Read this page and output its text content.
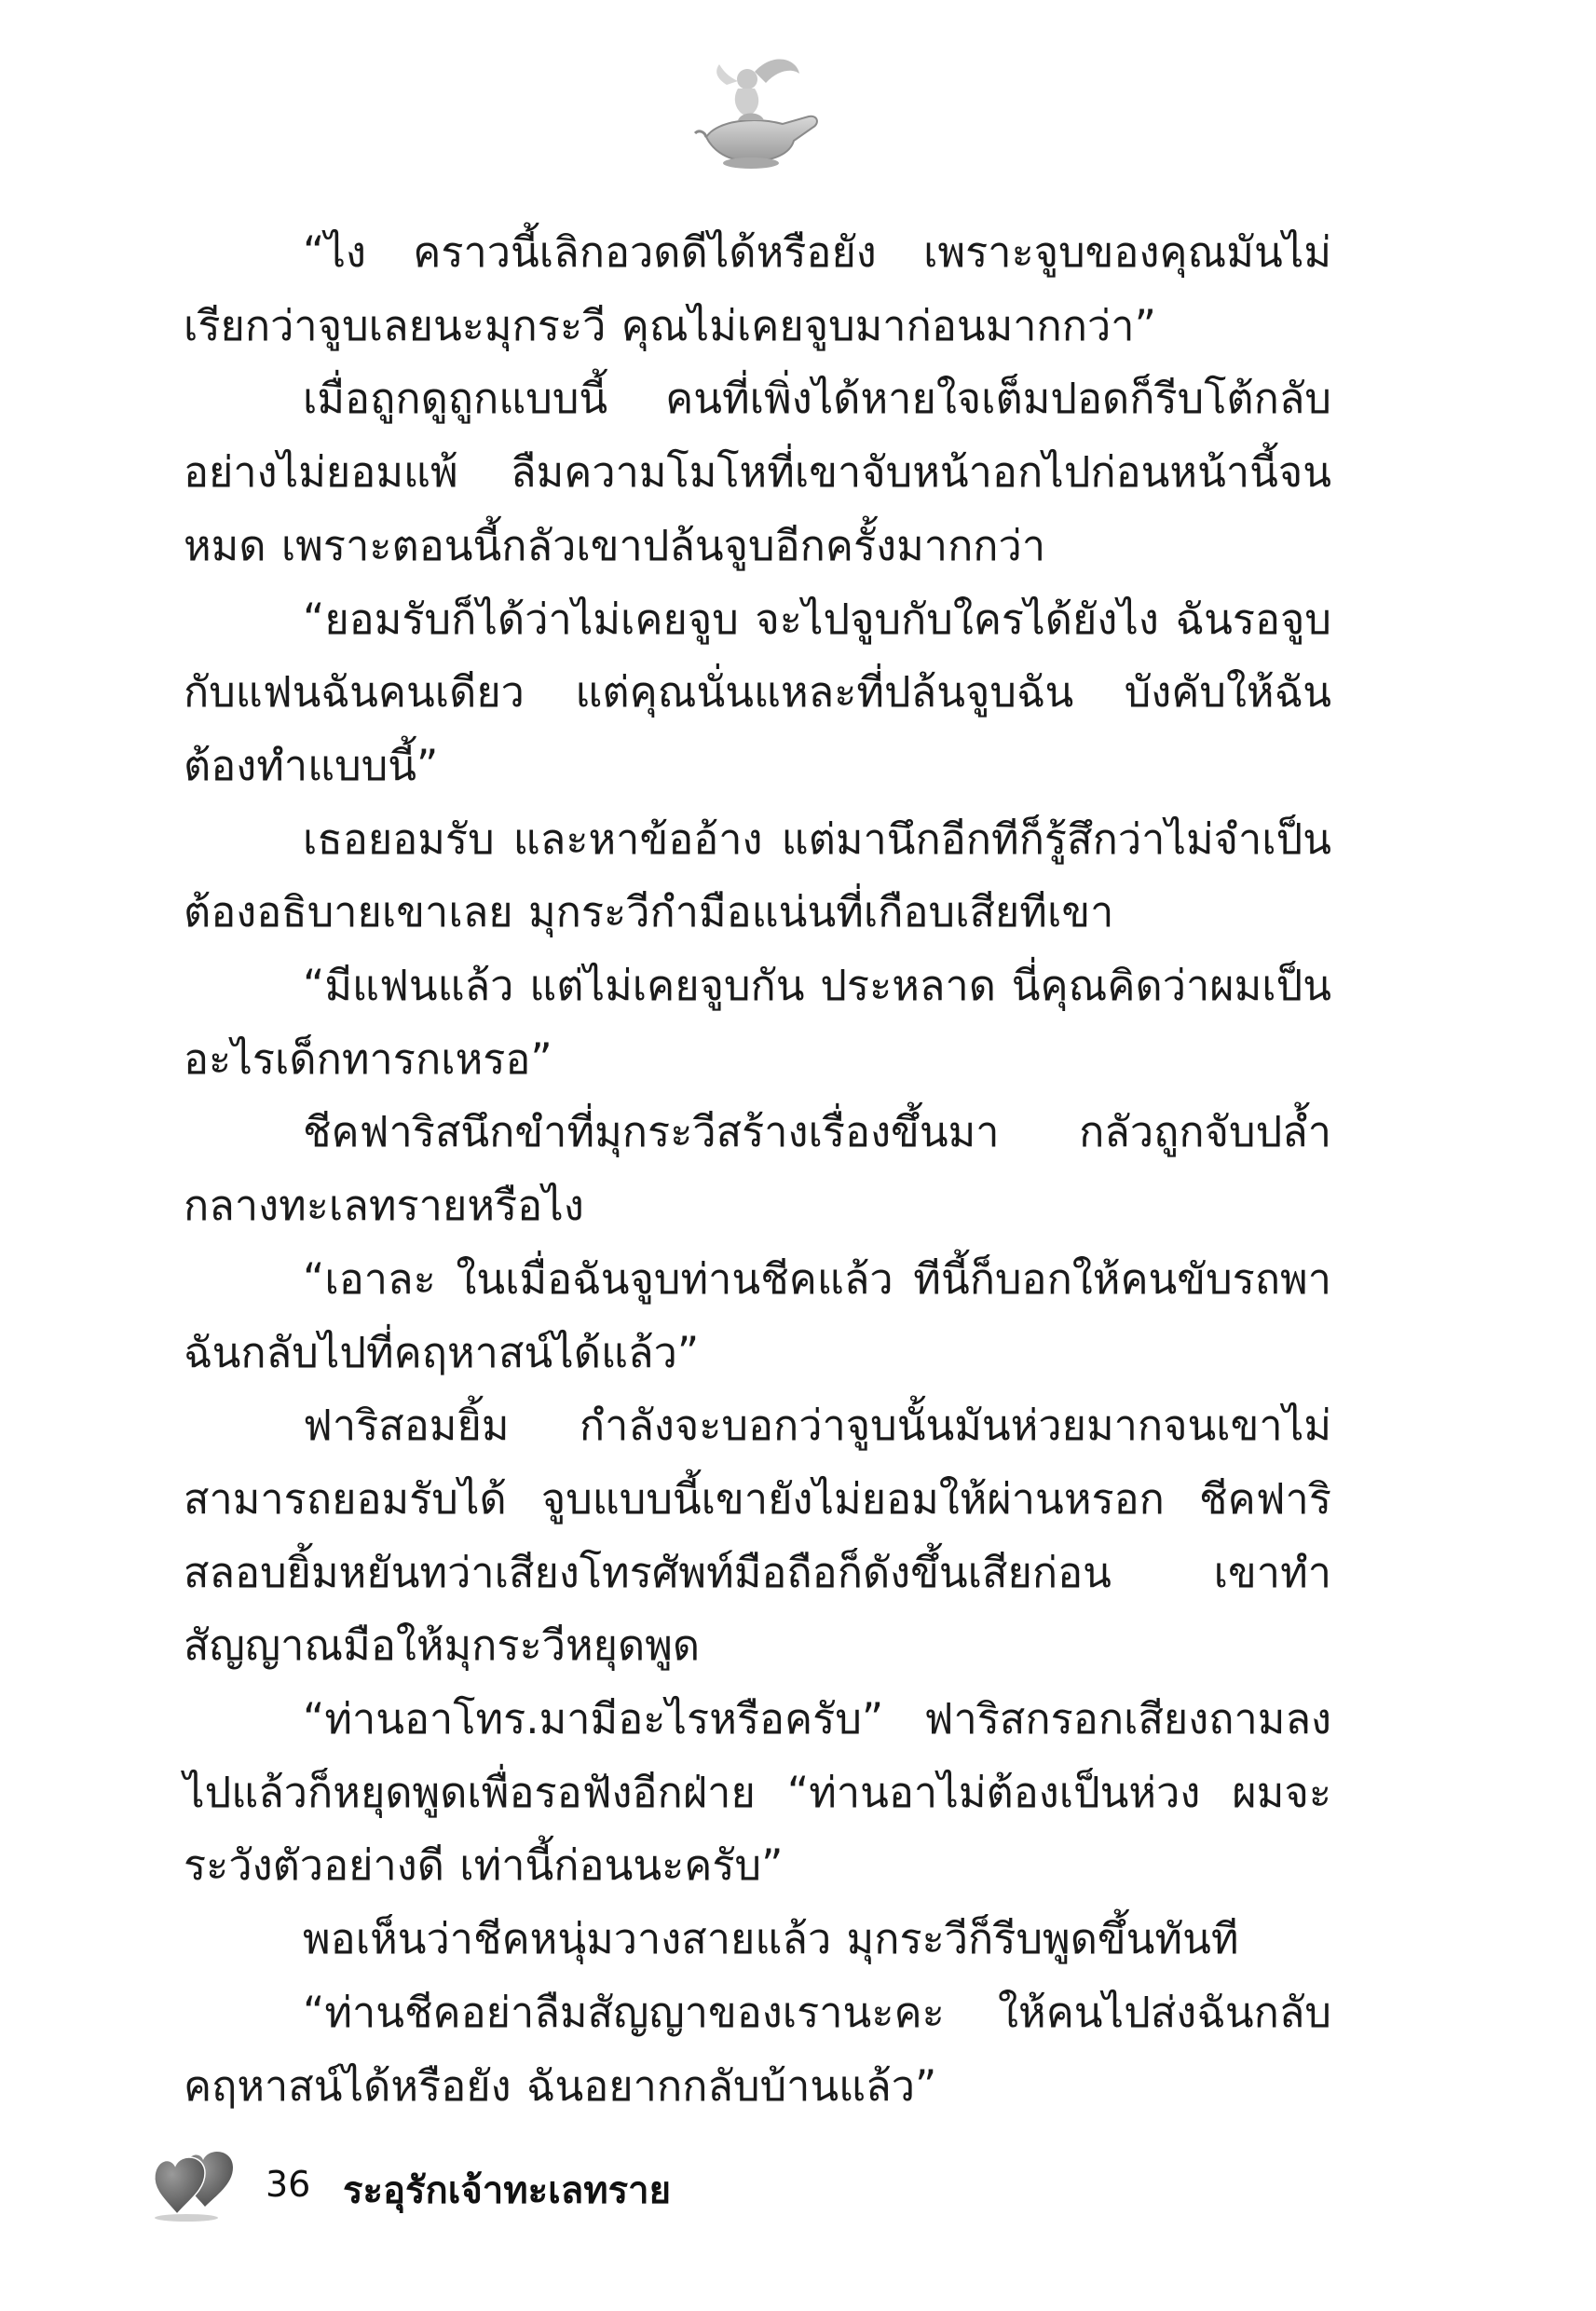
“ไง คราวนี้เลิกอวดดีได้หรือยัง เพราะจูบของคุณมันไม่เรียกว่าจูบเลยนะมุกระวี คุณไม่เคยจูบมาก่อนมากกว่า”

เมื่อถูกดูถูกแบบนี้ คนที่เพิ่งได้หายใจเต็มปอดก็รีบโต้กลับอย่างไม่ยอมแพ้ ลืมความโมโหที่เขาจับหน้าอกไปก่อนหน้านี้จนหมด เพราะตอนนี้กลัวเขาปล้นจูบอีกครั้งมากกว่า

“ยอมรับก็ได้ว่าไม่เคยจูบ จะไปจูบกับใครได้ยังไง ฉันรอจูบกับแฟนฉันคนเดียว แต่คุณนั่นแหละที่ปล้นจูบฉัน บังคับให้ฉันต้องทำแบบนี้”

เธอยอมรับ และหาข้ออ้าง แต่มานึกอีกทีก็รู้สึกว่าไม่จำเป็นต้องอธิบายเขาเลย มุกระวีกำมือแน่นที่เกือบเสียทีเขา

“มีแฟนแล้ว แต่ไม่เคยจูบกัน ประหลาด นี่คุณคิดว่าผมเป็นอะไรเด็กทารกเหรอ”

ชีคฟาริสนึกขำที่มุกระวีสร้างเรื่องขึ้นมา กลัวถูกจับปล้ำกลางทะเลทรายหรือไง

“เอาละ ในเมื่อฉันจูบท่านชีคแล้ว ทีนี้ก็บอกให้คนขับรถพาฉันกลับไปที่คฤหาสน์ได้แล้ว”

ฟาริสอมยิ้ม กำลังจะบอกว่าจูบนั้นมันห่วยมากจนเขาไม่สามารถยอมรับได้ จูบแบบนี้เขายังไม่ยอมให้ผ่านหรอก ชีคฟาริสลอบยิ้มหยันทว่าเสียงโทรศัพท์มือถือก็ดังขึ้นเสียก่อน เขาทำสัญญาณมือให้มุกระวีหยุดพูด

“ท่านอาโทร.มามีอะไรหรือครับ” ฟาริสกรอกเสียงถามลงไปแล้วก็หยุดพูดเพื่อรอฟังอีกฝ่าย “ท่านอาไม่ต้องเป็นห่วง ผมจะระวังตัวอย่างดี เท่านี้ก่อนนะครับ”

พอเห็นว่าชีคหนุ่มวางสายแล้ว มุกระวีก็รีบพูดขึ้นทันที

“ท่านชีคอย่าลืมสัญญาของเรานะคะ ให้คนไปส่งฉันกลับคฤหาสน์ได้หรือยัง ฉันอยากกลับบ้านแล้ว”

36 ระอุรักเจ้าทะเลทราย
